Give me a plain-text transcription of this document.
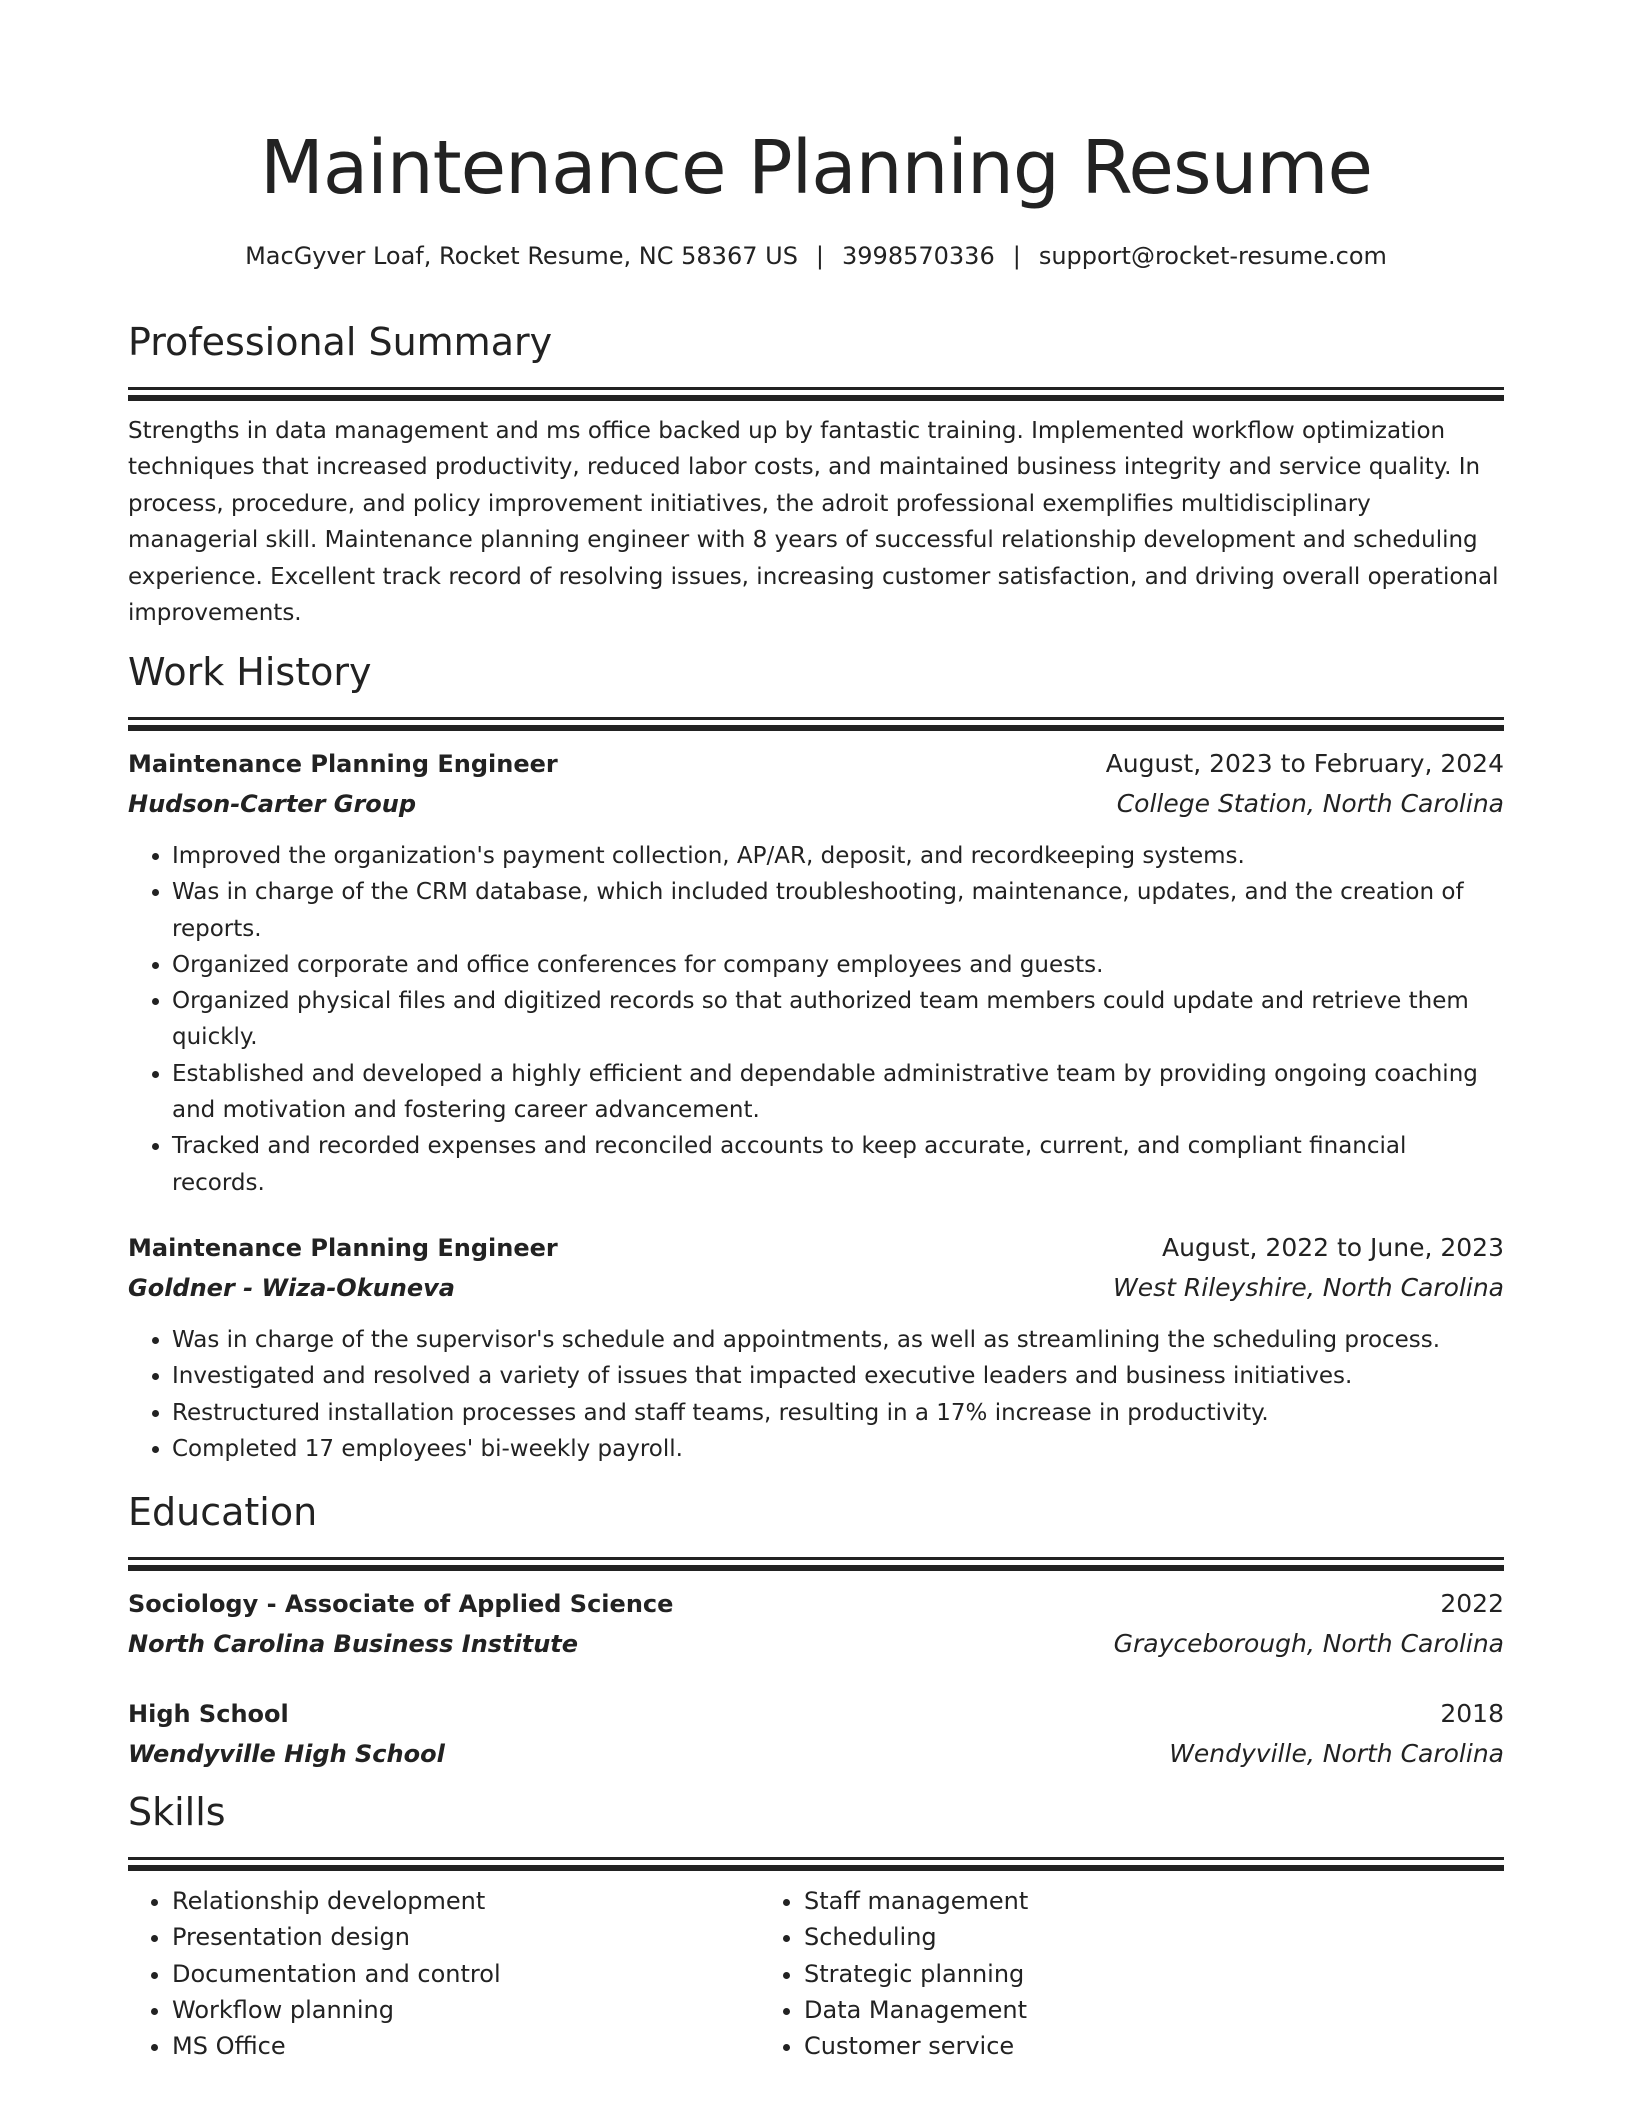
Maintenance Planning Resume
MacGyver Loaf, Rocket Resume, NC 58367 US | 3998570336 | support@rocket-resume.com
Professional Summary

Strengths in data management and ms office backed up by fantastic training. Implemented workflow optimization techniques that increased productivity, reduced labor costs, and maintained business integrity and service quality. In process, procedure, and policy improvement initiatives, the adroit professional exemplifies multidisciplinary managerial skill. Maintenance planning engineer with 8 years of successful relationship development and scheduling experience. Excellent track record of resolving issues, increasing customer satisfaction, and driving overall operational improvements.

Work History
Maintenance Planning Engineer	August, 2023 to February, 2024
Hudson-Carter Group	College Station, North Carolina
• Improved the organization's payment collection, AP/AR, deposit, and recordkeeping systems.
• Was in charge of the CRM database, which included troubleshooting, maintenance, updates, and the creation of reports.
• Organized corporate and office conferences for company employees and guests.
• Organized physical files and digitized records so that authorized team members could update and retrieve them quickly.
• Established and developed a highly efficient and dependable administrative team by providing ongoing coaching and motivation and fostering career advancement.
• Tracked and recorded expenses and reconciled accounts to keep accurate, current, and compliant financial records.
Maintenance Planning Engineer	August, 2022 to June, 2023
Goldner - Wiza-Okuneva	West Rileyshire, North Carolina
• Was in charge of the supervisor's schedule and appointments, as well as streamlining the scheduling process.
• Investigated and resolved a variety of issues that impacted executive leaders and business initiatives.
• Restructured installation processes and staff teams, resulting in a 17% increase in productivity.
• Completed 17 employees' bi-weekly payroll.
Education
Sociology - Associate of Applied Science	2022
North Carolina Business Institute	Grayceborough, North Carolina
High School	2018
Wendyville High School	Wendyville, North Carolina
Skills
• Relationship development
• Presentation design
• Documentation and control
• Workflow planning
• MS Office
• Staff management
• Scheduling
• Strategic planning
• Data Management
• Customer service
